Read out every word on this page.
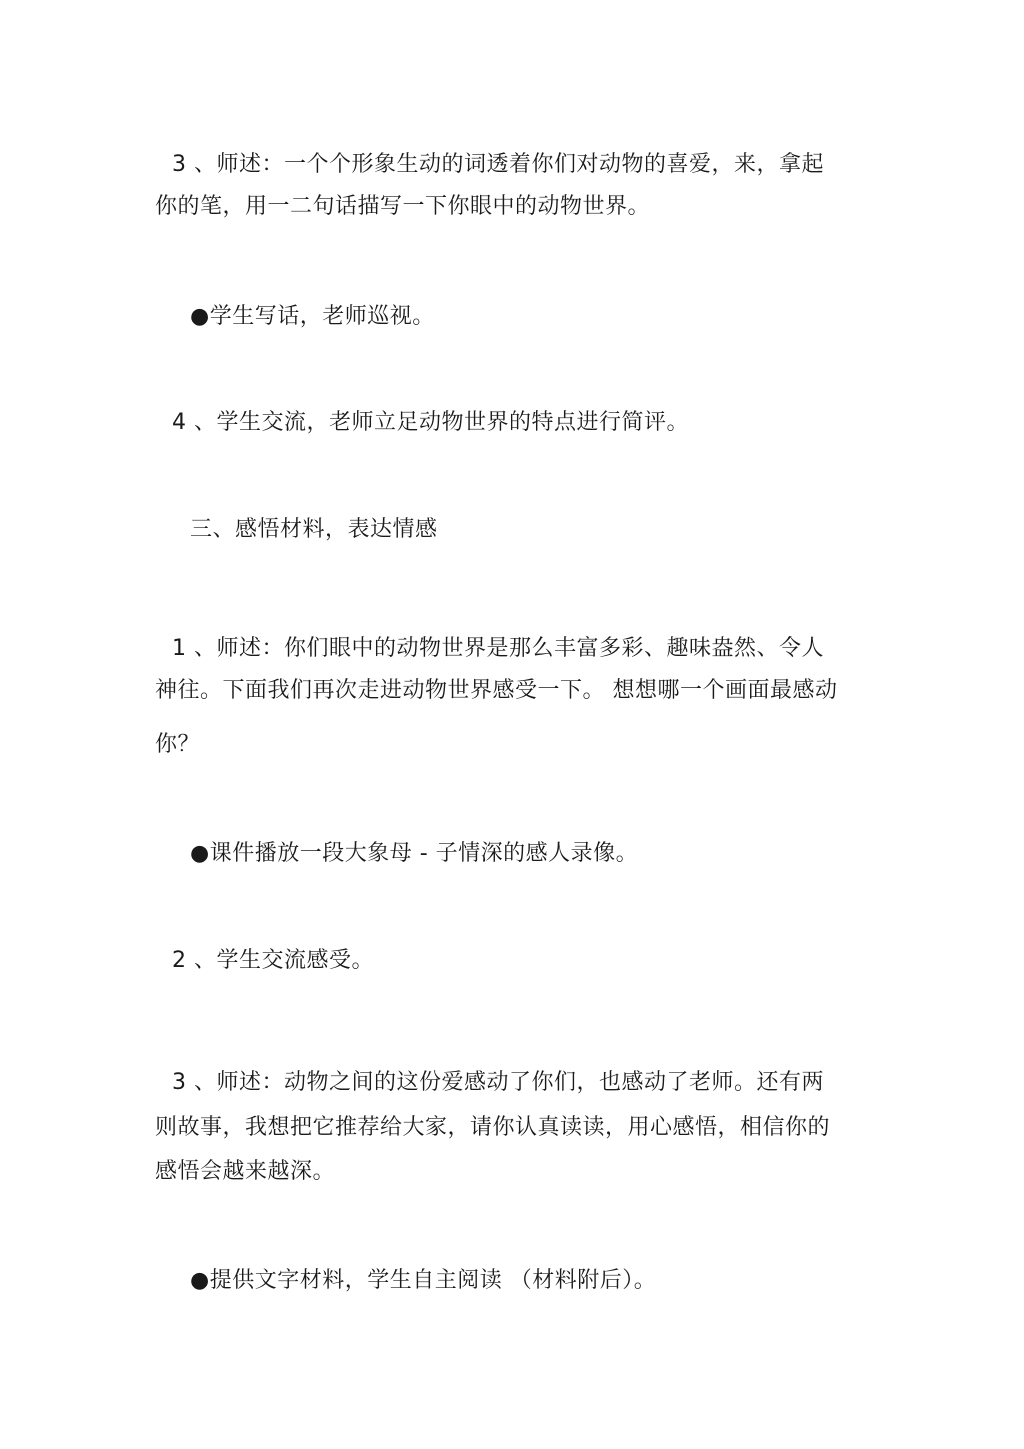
3 、师述：一个个形象生动的词透着你们对动物的喜爱，来，拿起
你的笔，用一二句话描写一下你眼中的动物世界。
●学生写话，老师巡视。
4 、学生交流，老师立足动物世界的特点进行简评。
三、感悟材料，表达情感
1 、师述：你们眼中的动物世界是那么丰富多彩、趣味盎然、令人
神往。下面我们再次走进动物世界感受一下。 想想哪一个画面最感动
你？
●课件播放一段大象母 - 子情深的感人录像。
2 、学生交流感受。
3 、师述：动物之间的这份爱感动了你们，也感动了老师。还有两
则故事，我想把它推荐给大家，请你认真读读，用心感悟，相信你的
感悟会越来越深。
●提供文字材料，学生自主阅读 （材料附后）。
